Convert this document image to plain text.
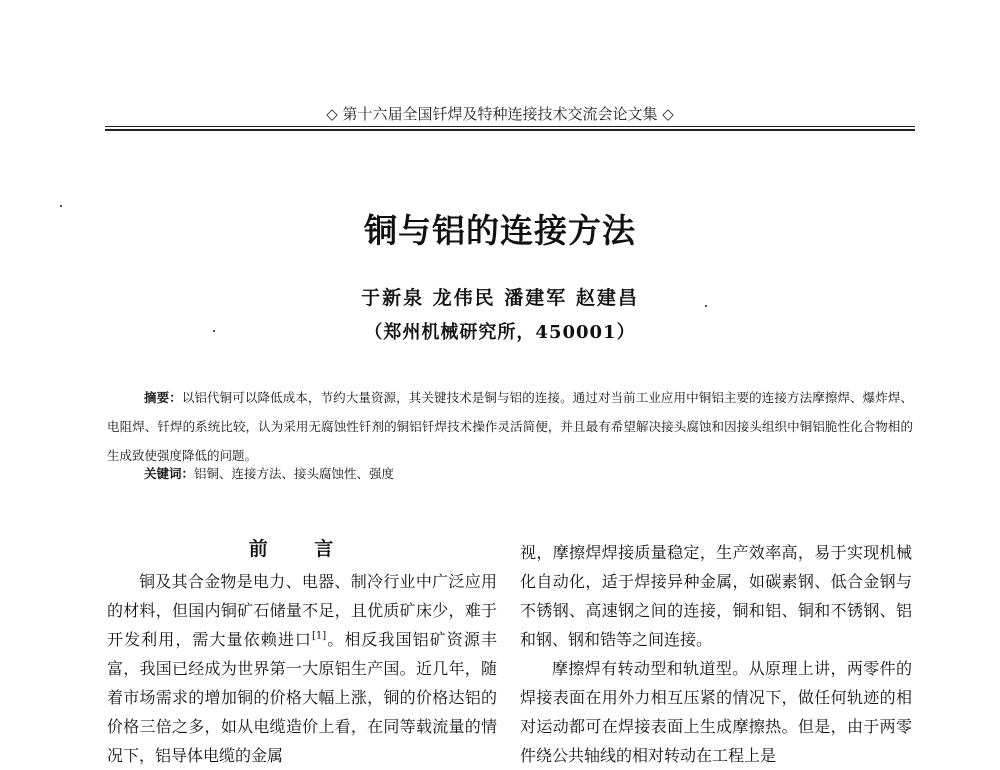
◇ 第十六届全国钎焊及特种连接技术交流会论文集 ◇
铜与铝的连接方法
于新泉 龙伟民 潘建军 赵建昌
（郑州机械研究所，450001）
摘要：以铝代铜可以降低成本，节约大量资源，其关键技术是铜与铝的连接。通过对当前工业应用中铜铝主要的连接方法摩擦焊、爆炸焊、电阻焊、钎焊的系统比较，认为采用无腐蚀性钎剂的铜铝钎焊技术操作灵活简便，并且最有希望解决接头腐蚀和因接头组织中铜铝脆性化合物相的生成致使强度降低的问题。
关键词：铝铜、连接方法、接头腐蚀性、强度
前 言

铜及其合金物是电力、电器、制冷行业中广泛应用的材料，但国内铜矿石储量不足，且优质矿床少，难于开发利用，需大量依赖进口[1]。相反我国铝矿资源丰富，我国已经成为世界第一大原铝生产国。近几年，随着市场需求的增加铜的价格大幅上涨，铜的价格达铝的价格三倍之多，如从电缆造价上看，在同等载流量的情况下，铝导体电缆的金属

视，摩擦焊焊接质量稳定，生产效率高，易于实现机械化自动化，适于焊接异种金属，如碳素钢、低合金钢与不锈钢、高速钢之间的连接，铜和铝、铜和不锈钢、铝和钢、钢和锆等之间连接。

摩擦焊有转动型和轨道型。从原理上讲，两零件的焊接表面在用外力相互压紧的情况下，做任何轨迹的相对运动都可在焊接表面上生成摩擦热。但是，由于两零件绕公共轴线的相对转动在工程上是
